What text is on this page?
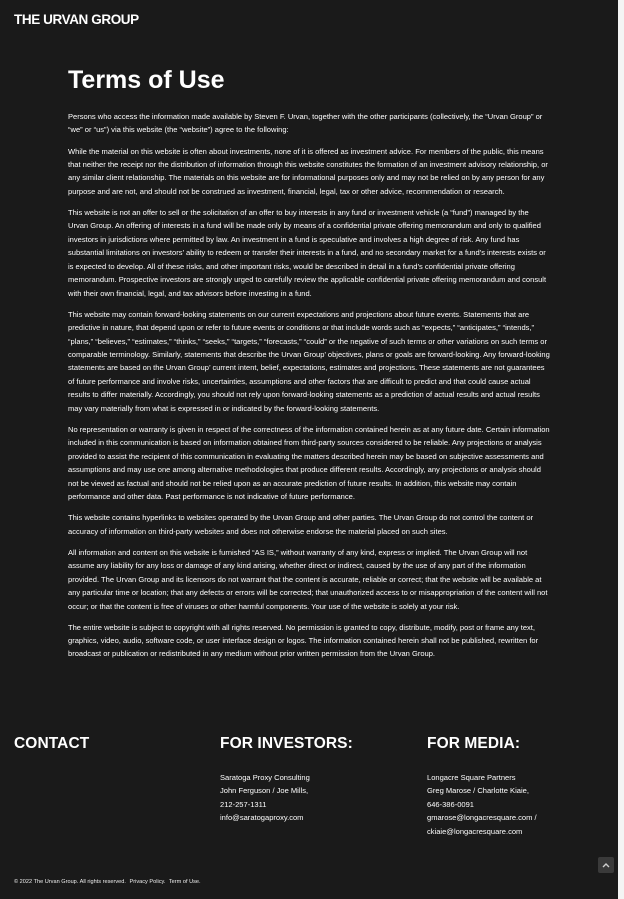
THE URVAN GROUP
Terms of Use

Persons who access the information made available by Steven F. Urvan, together with the other participants (collectively, the “Urvan Group” or “we” or “us”) via this website (the “website”) agree to the following:

While the material on this website is often about investments, none of it is offered as investment advice. For members of the public, this means that neither the receipt nor the distribution of information through this website constitutes the formation of an investment advisory relationship, or any similar client relationship. The materials on this website are for informational purposes only and may not be relied on by any person for any purpose and are not, and should not be construed as investment, financial, legal, tax or other advice, recommendation or research.

This website is not an offer to sell or the solicitation of an offer to buy interests in any fund or investment vehicle (a “fund”) managed by the Urvan Group. An offering of interests in a fund will be made only by means of a confidential private offering memorandum and only to qualified investors in jurisdictions where permitted by law. An investment in a fund is speculative and involves a high degree of risk. Any fund has substantial limitations on investors’ ability to redeem or transfer their interests in a fund, and no secondary market for a fund’s interests exists or is expected to develop. All of these risks, and other important risks, would be described in detail in a fund’s confidential private offering memorandum. Prospective investors are strongly urged to carefully review the applicable confidential private offering memorandum and consult with their own financial, legal, and tax advisors before investing in a fund.

This website may contain forward-looking statements on our current expectations and projections about future events. Statements that are predictive in nature, that depend upon or refer to future events or conditions or that include words such as “expects,” “anticipates,” “intends,” “plans,” “believes,” “estimates,” “thinks,” “seeks,” “targets,” “forecasts,” “could” or the negative of such terms or other variations on such terms or comparable terminology. Similarly, statements that describe the Urvan Group’ objectives, plans or goals are forward-looking. Any forward-looking statements are based on the Urvan Group’ current intent, belief, expectations, estimates and projections. These statements are not guarantees of future performance and involve risks, uncertainties, assumptions and other factors that are difficult to predict and that could cause actual results to differ materially. Accordingly, you should not rely upon forward-looking statements as a prediction of actual results and actual results may vary materially from what is expressed in or indicated by the forward-looking statements.

No representation or warranty is given in respect of the correctness of the information contained herein as at any future date. Certain information included in this communication is based on information obtained from third-party sources considered to be reliable. Any projections or analysis provided to assist the recipient of this communication in evaluating the matters described herein may be based on subjective assessments and assumptions and may use one among alternative methodologies that produce different results. Accordingly, any projections or analysis should not be viewed as factual and should not be relied upon as an accurate prediction of future results. In addition, this website may contain performance and other data. Past performance is not indicative of future performance.

This website contains hyperlinks to websites operated by the Urvan Group and other parties. The Urvan Group do not control the content or accuracy of information on third-party websites and does not otherwise endorse the material placed on such sites.

All information and content on this website is furnished “AS IS,” without warranty of any kind, express or implied. The Urvan Group will not assume any liability for any loss or damage of any kind arising, whether direct or indirect, caused by the use of any part of the information provided. The Urvan Group and its licensors do not warrant that the content is accurate, reliable or correct; that the website will be available at any particular time or location; that any defects or errors will be corrected; that unauthorized access to or misappropriation of the content will not occur; or that the content is free of viruses or other harmful components. Your use of the website is solely at your risk.

The entire website is subject to copyright with all rights reserved. No permission is granted to copy, distribute, modify, post or frame any text, graphics, video, audio, software code, or user interface design or logos. The information contained herein shall not be published, rewritten for broadcast or publication or redistributed in any medium without prior written permission from the Urvan Group.

CONTACT	FOR INVESTORS:
Saratoga Proxy Consulting
John Ferguson / Joe Mills,
212-257-1311
info@saratogaproxy.com
FOR MEDIA:
Longacre Square Partners
Greg Marose / Charlotte Kiaie,
646-386-0091
gmarose@longacresquare.com /
ckiaie@longacresquare.com
© 2022 The Urvan Group. All rights reserved. Privacy Policy. Term of Use.
